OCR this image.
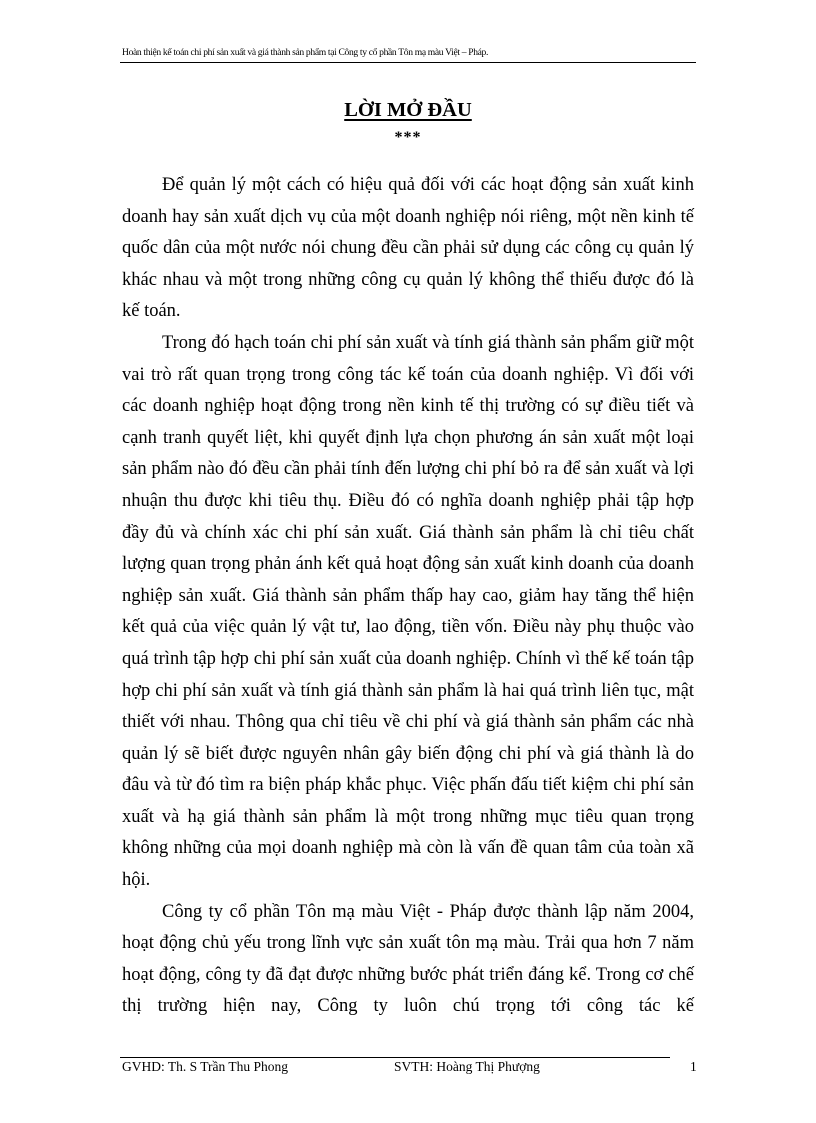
Hoàn thiện kế toán chi phí sản xuất và giá thành sản phẩm tại Công ty cổ phần Tôn mạ màu Việt – Pháp.
LỜI MỞ ĐẦU
***

Để quản lý một cách có hiệu quả đối với các hoạt động sản xuất kinh doanh hay sản xuất dịch vụ của một doanh nghiệp nói riêng, một nền kinh tế quốc dân của một nước nói chung đều cần phải sử dụng các công cụ quản lý khác nhau và một trong những công cụ quản lý không thể thiếu được đó là kế toán.

Trong đó hạch toán chi phí sản xuất và tính giá thành sản phẩm giữ một vai trò rất quan trọng trong công tác kế toán của doanh nghiệp. Vì đối với các doanh nghiệp hoạt động trong nền kinh tế thị trường có sự điều tiết và cạnh tranh quyết liệt, khi quyết định lựa chọn phương án sản xuất một loại sản phẩm nào đó đều cần phải tính đến lượng chi phí bỏ ra để sản xuất và lợi nhuận thu được khi tiêu thụ. Điều đó có nghĩa doanh nghiệp phải tập hợp đầy đủ và chính xác chi phí sản xuất. Giá thành sản phẩm là chỉ tiêu chất lượng quan trọng phản ánh kết quả hoạt động sản xuất kinh doanh của doanh nghiệp sản xuất. Giá thành sản phẩm thấp hay cao, giảm hay tăng thể hiện kết quả của việc quản lý vật tư, lao động, tiền vốn. Điều này phụ thuộc vào quá trình tập hợp chi phí sản xuất của doanh nghiệp. Chính vì thế kế toán tập hợp chi phí sản xuất và tính giá thành sản phẩm là hai quá trình liên tục, mật thiết với nhau. Thông qua chỉ tiêu về chi phí và giá thành sản phẩm các nhà quản lý sẽ biết được nguyên nhân gây biến động chi phí và giá thành là do đâu và từ đó tìm ra biện pháp khắc phục. Việc phấn đấu tiết kiệm chi phí sản xuất và hạ giá thành sản phẩm là một trong những mục tiêu quan trọng không những của mọi doanh nghiệp mà còn là vấn đề quan tâm của toàn xã hội.

Công ty cổ phần Tôn mạ màu Việt - Pháp được thành lập năm 2004, hoạt động chủ yếu trong lĩnh vực sản xuất tôn mạ màu. Trải qua hơn 7 năm hoạt động, công ty đã đạt được những bước phát triển đáng kể. Trong cơ chế thị trường hiện nay, Công ty luôn chú trọng tới công tác kế

GVHD: Th. S Trần Thu Phong	SVTH: Hoàng Thị Phượng	1
